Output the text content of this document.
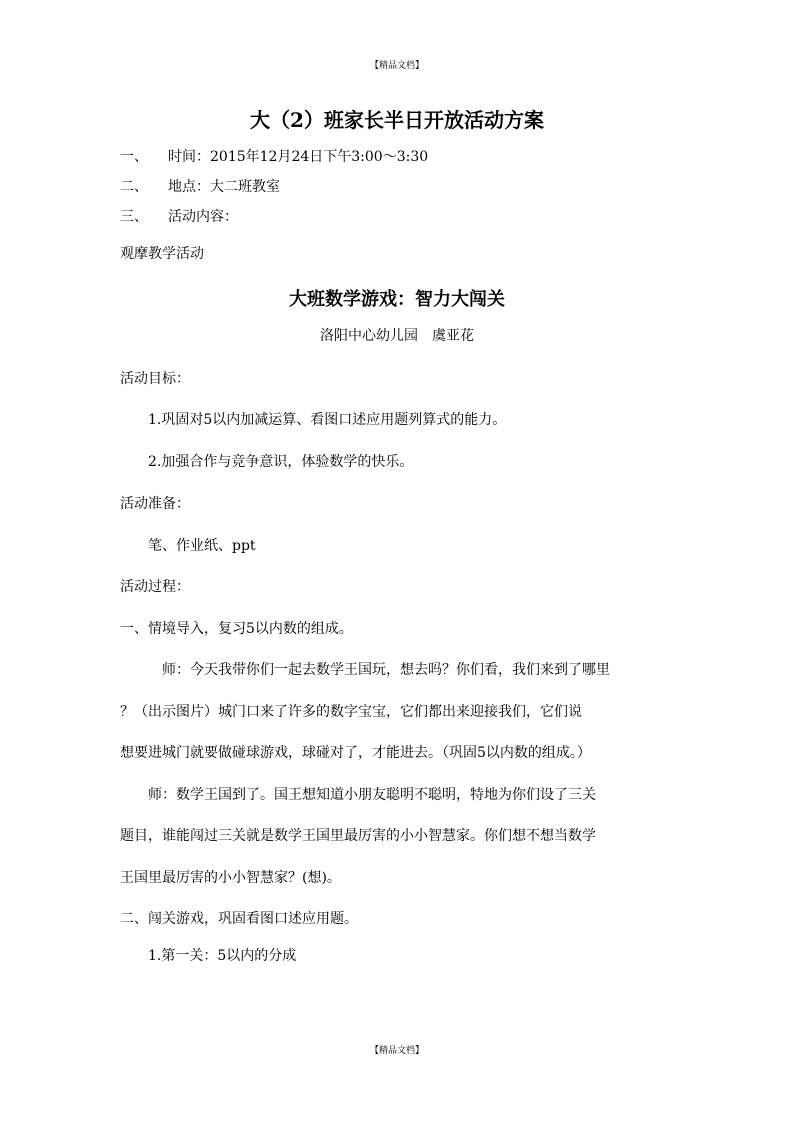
【精品文档】
大（2）班家长半日开放活动方案
一、 时间：2015年12月24日下午3:00～3:30
二、 地点：大二班教室
三、 活动内容：
观摩教学活动
大班数学游戏：智力大闯关
洛阳中心幼儿园　虞亚花
活动目标：
1.巩固对5以内加减运算、看图口述应用题列算式的能力。
2.加强合作与竞争意识，体验数学的快乐。
活动准备：
笔、作业纸、ppt
活动过程：
一、情境导入，复习5以内数的组成。
师：今天我带你们一起去数学王国玩，想去吗？你们看，我们来到了哪里
？（出示图片）城门口来了许多的数字宝宝，它们都出来迎接我们，它们说
想要进城门就要做碰球游戏，球碰对了，才能进去。（巩固5以内数的组成。）
师：数学王国到了。国王想知道小朋友聪明不聪明，特地为你们设了三关
题目，谁能闯过三关就是数学王国里最厉害的小小智慧家。你们想不想当数学
王国里最厉害的小小智慧家？(想)。
二、闯关游戏，巩固看图口述应用题。
1.第一关：5以内的分成
【精品文档】
